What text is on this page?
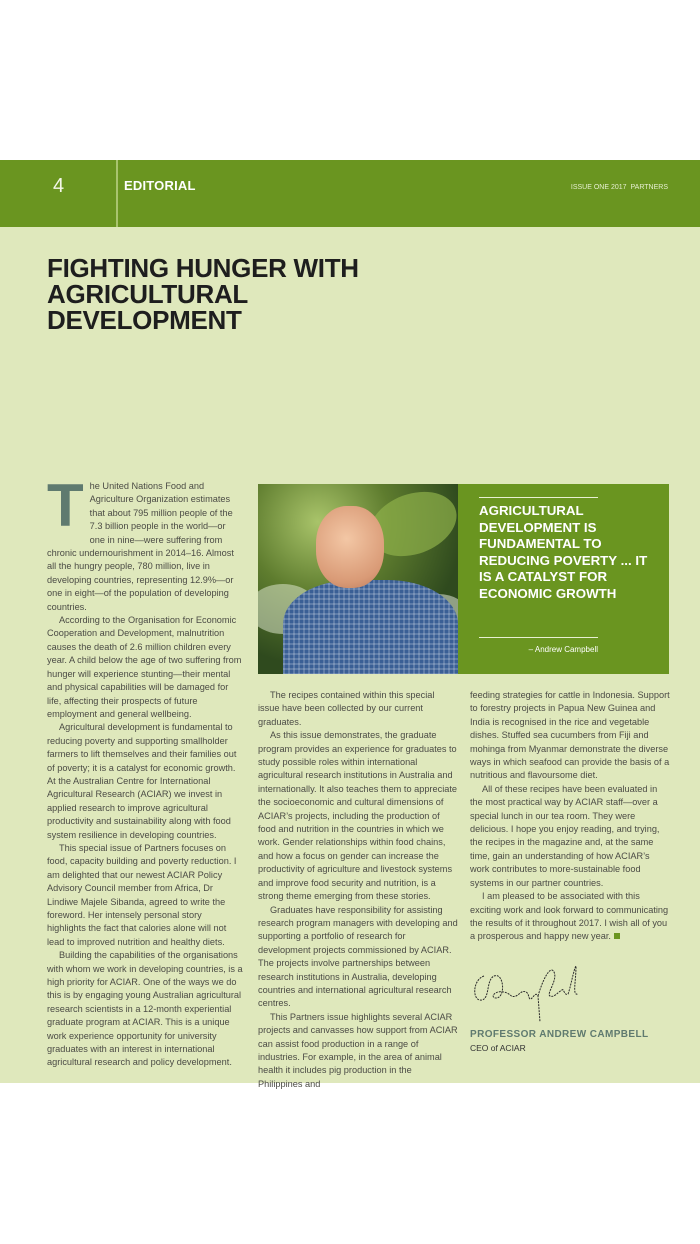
4	EDITORIAL	ISSUE ONE 2017 PARTNERS
FIGHTING HUNGER WITH AGRICULTURAL DEVELOPMENT

The United Nations Food and Agriculture Organization estimates that about 795 million people of the 7.3 billion people in the world—or one in nine—were suffering from chronic undernourishment in 2014–16. Almost all the hungry people, 780 million, live in developing countries, representing 12.9%—or one in eight—of the population of developing countries.

According to the Organisation for Economic Cooperation and Development, malnutrition causes the death of 2.6 million children every year. A child below the age of two suffering from hunger will experience stunting—their mental and physical capabilities will be damaged for life, affecting their prospects of future employment and general wellbeing.

Agricultural development is fundamental to reducing poverty and supporting smallholder farmers to lift themselves and their families out of poverty; it is a catalyst for economic growth. At the Australian Centre for International Agricultural Research (ACIAR) we invest in applied research to improve agricultural productivity and sustainability along with food system resilience in developing countries.

This special issue of Partners focuses on food, capacity building and poverty reduction. I am delighted that our newest ACIAR Policy Advisory Council member from Africa, Dr Lindiwe Majele Sibanda, agreed to write the foreword. Her intensely personal story highlights the fact that calories alone will not lead to improved nutrition and healthy diets.

Building the capabilities of the organisations with whom we work in developing countries, is a high priority for ACIAR. One of the ways we do this is by engaging young Australian agricultural research scientists in a 12-month experiential graduate program at ACIAR. This is a unique work experience opportunity for university graduates with an interest in international agricultural research and policy development.

AGRICULTURAL DEVELOPMENT IS FUNDAMENTAL TO REDUCING POVERTY ... IT IS A CATALYST FOR ECONOMIC GROWTH

– Andrew Campbell

The recipes contained within this special issue have been collected by our current graduates.

As this issue demonstrates, the graduate program provides an experience for graduates to study possible roles within international agricultural research institutions in Australia and internationally. It also teaches them to appreciate the socioeconomic and cultural dimensions of ACIAR’s projects, including the production of food and nutrition in the countries in which we work. Gender relationships within food chains, and how a focus on gender can increase the productivity of agriculture and livestock systems and improve food security and nutrition, is a strong theme emerging from these stories.

Graduates have responsibility for assisting research program managers with developing and supporting a portfolio of research for development projects commissioned by ACIAR. The projects involve partnerships between research institutions in Australia, developing countries and international agricultural research centres.

This Partners issue highlights several ACIAR projects and canvasses how support from ACIAR can assist food production in a range of industries. For example, in the area of animal health it includes pig production in the Philippines and

feeding strategies for cattle in Indonesia. Support to forestry projects in Papua New Guinea and India is recognised in the rice and vegetable dishes. Stuffed sea cucumbers from Fiji and mohinga from Myanmar demonstrate the diverse ways in which seafood can provide the basis of a nutritious and flavoursome diet.

All of these recipes have been evaluated in the most practical way by ACIAR staff—over a special lunch in our tea room. They were delicious. I hope you enjoy reading, and trying, the recipes in the magazine and, at the same time, gain an understanding of how ACIAR’s work contributes to more-sustainable food systems in our partner countries.

I am pleased to be associated with this exciting work and look forward to communicating the results of it throughout 2017. I wish all of you a prosperous and happy new year.

PROFESSOR ANDREW CAMPBELL
CEO of ACIAR
